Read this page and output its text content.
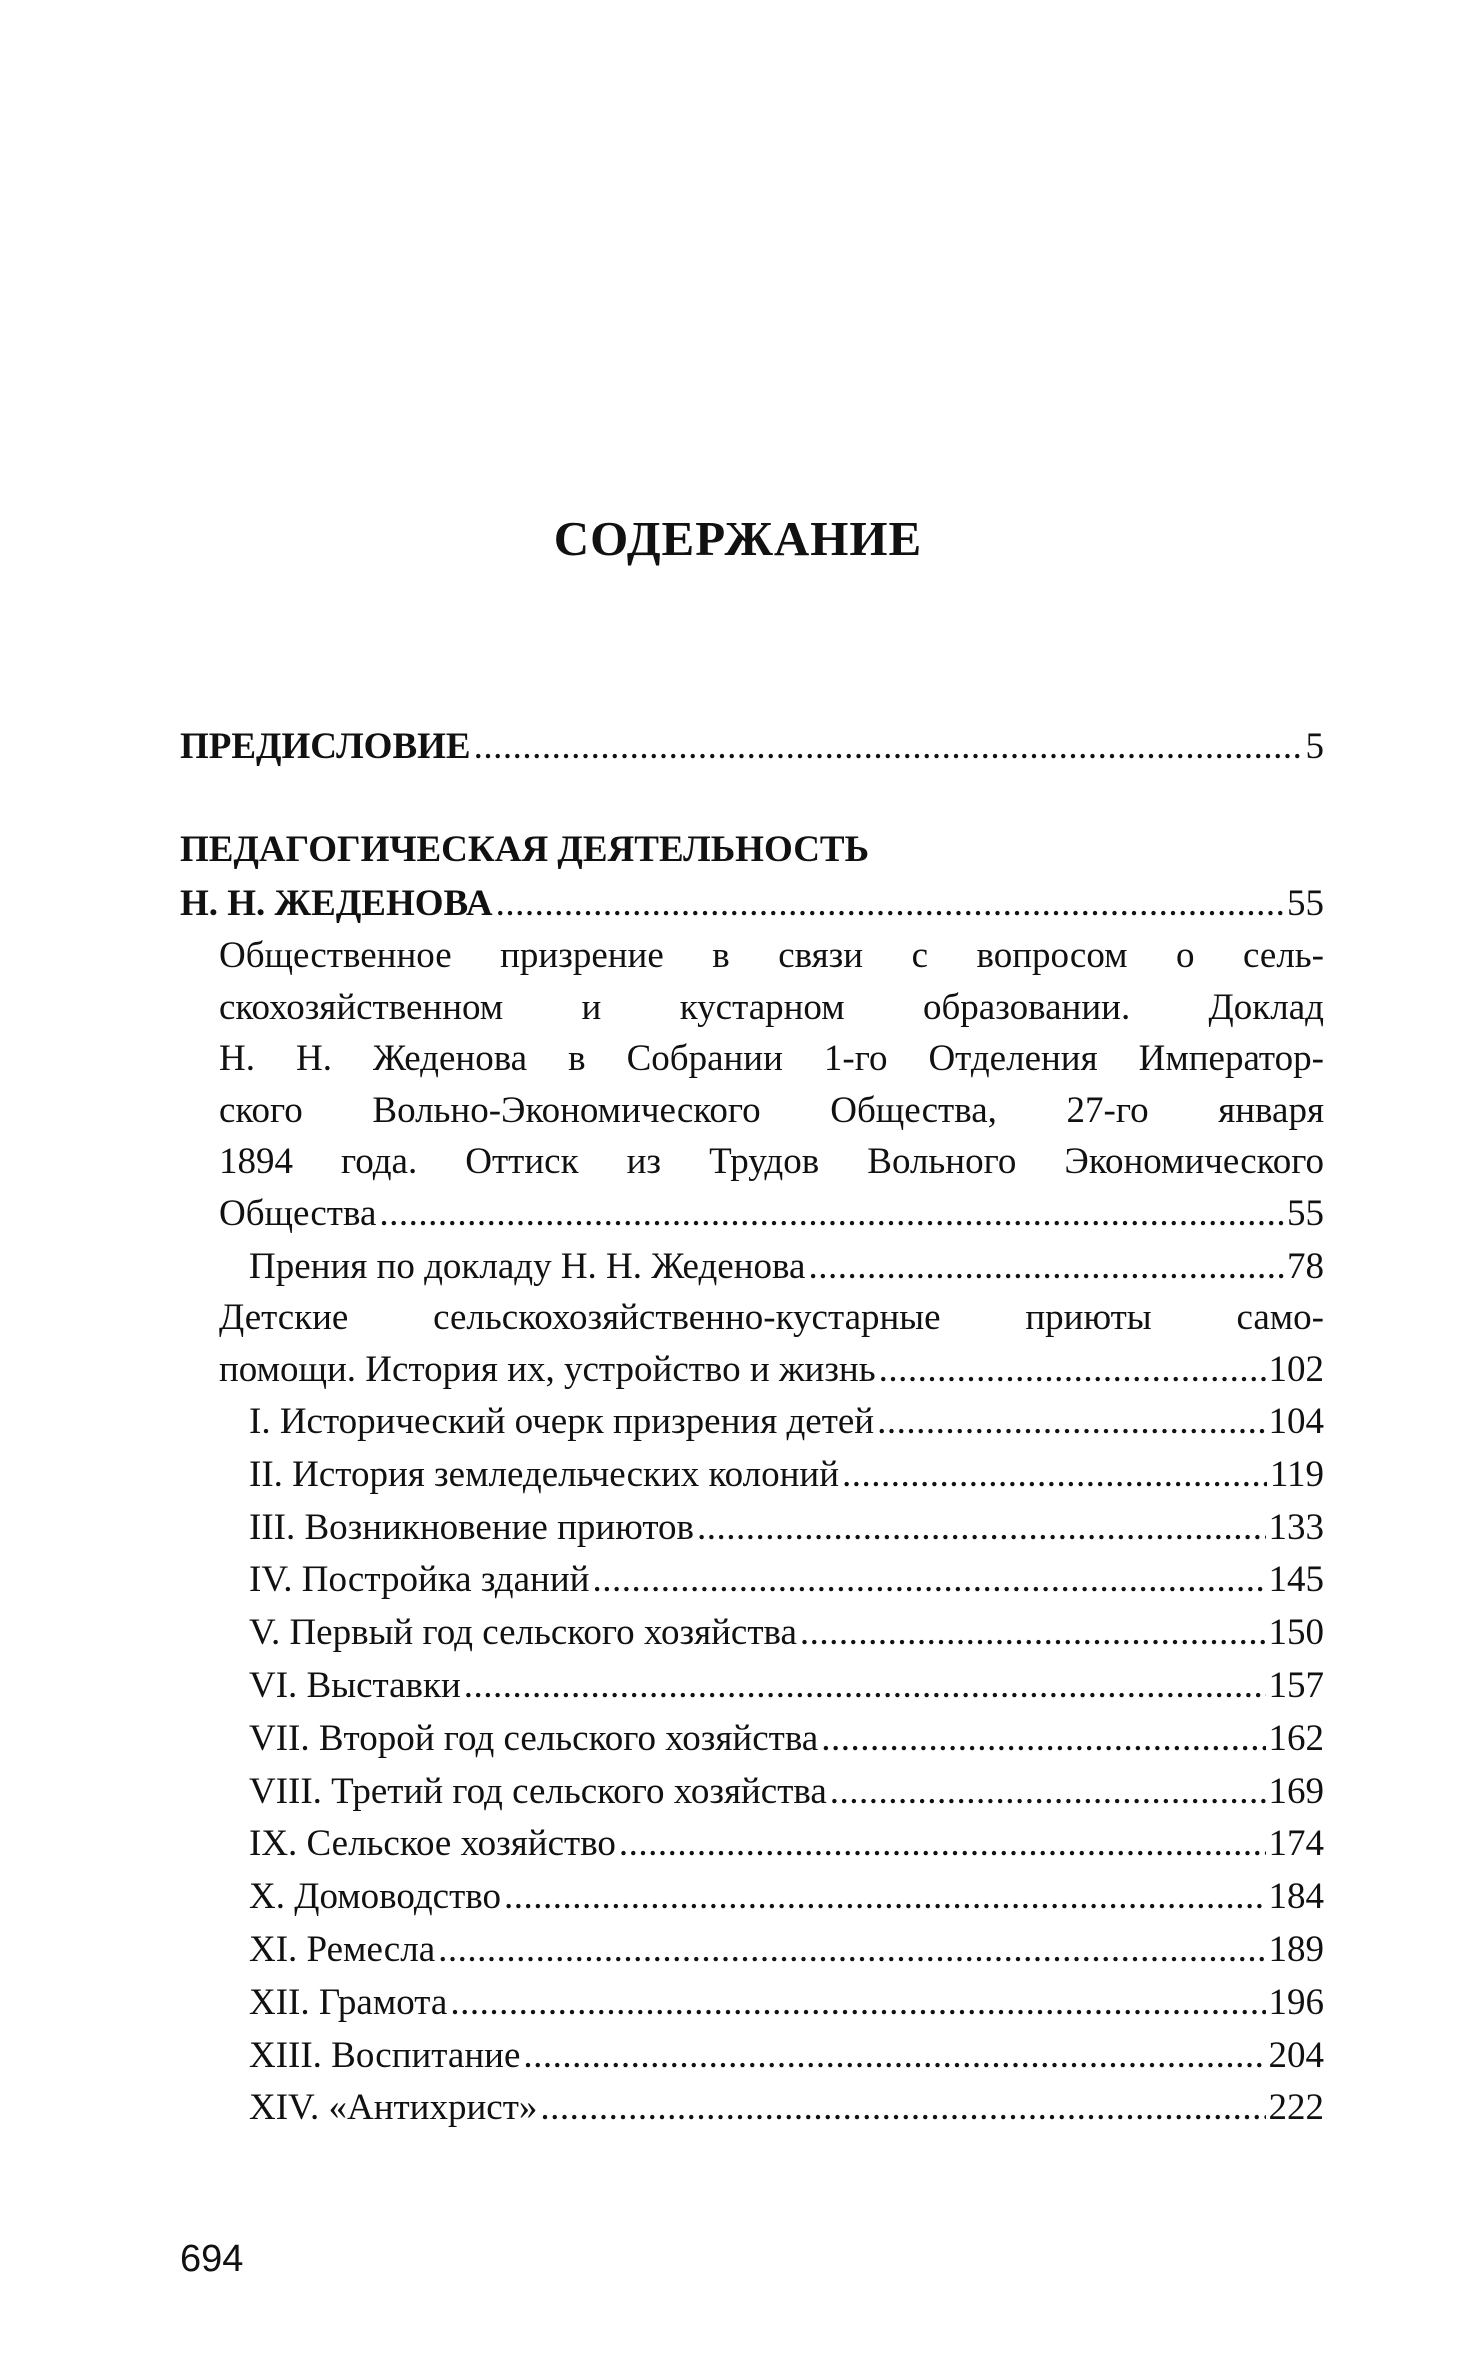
СОДЕРЖАНИЕ
ПРЕДИСЛОВИЕ .....	5
ПЕДАГОГИЧЕСКАЯ ДЕЯТЕЛЬНОСТЬ
Н. Н. ЖЕДЕНОВА .....	55
Общественное призрение в связи с вопросом о сель-
скохозяйственном и кустарном образовании. Доклад
Н. Н. Жеденова в Собрании 1-го Отделения Император-
ского Вольно-Экономического Общества, 27-го января
1894 года. Оттиск из Трудов Вольного Экономического
Общества .....	55
Прения по докладу Н. Н. Жеденова .....	78
Детские сельскохозяйственно-кустарные приюты само-
помощи. История их, устройство и жизнь .....	102
I. Исторический очерк призрения детей .....	104
II. История земледельческих колоний .....	119
III. Возникновение приютов .....	133
IV. Постройка зданий .....	145
V. Первый год сельского хозяйства .....	150
VI. Выставки .....	157
VII. Второй год сельского хозяйства .....	162
VIII. Третий год сельского хозяйства .....	169
IX. Сельское хозяйство .....	174
X. Домоводство .....	184
XI. Ремесла .....	189
XII. Грамота .....	196
XIII. Воспитание .....	204
XIV. «Антихрист» .....	222
694
